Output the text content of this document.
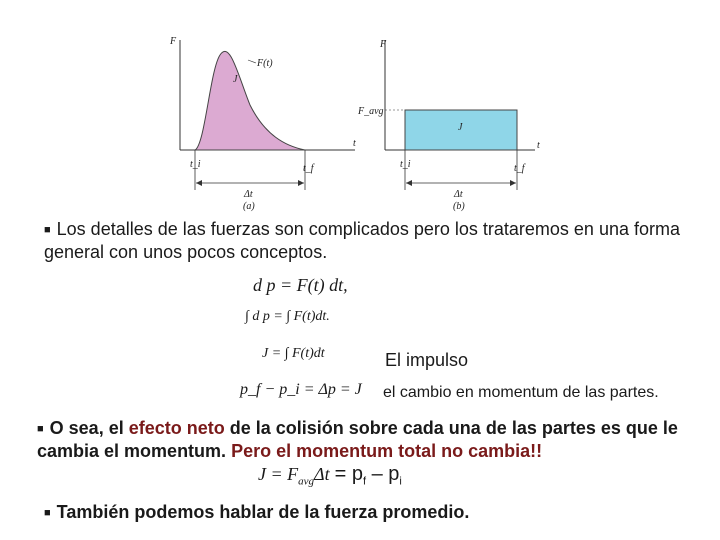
F
F(t)
J
t_i	t_f
t
Δt
(a)
F
F_avg
J
t_i	t_f
t
Δt
(b)
■ Los detalles de las fuerzas son complicados pero los trataremos en una forma general con unos pocos conceptos.
d p = F(t) dt,
∫ d p = ∫ F(t)dt.
J = ∫ F(t)dt	El impulso
p_f − p_i = Δp = J el cambio en momentum de las partes.
■ O sea, el efecto neto de la colisión sobre cada una de las partes es que le cambia el momentum. Pero el momentum total no cambia!!
$J = F_{avg}\Delta t = p_f - p_i$
■ También podemos hablar de la fuerza promedio.
